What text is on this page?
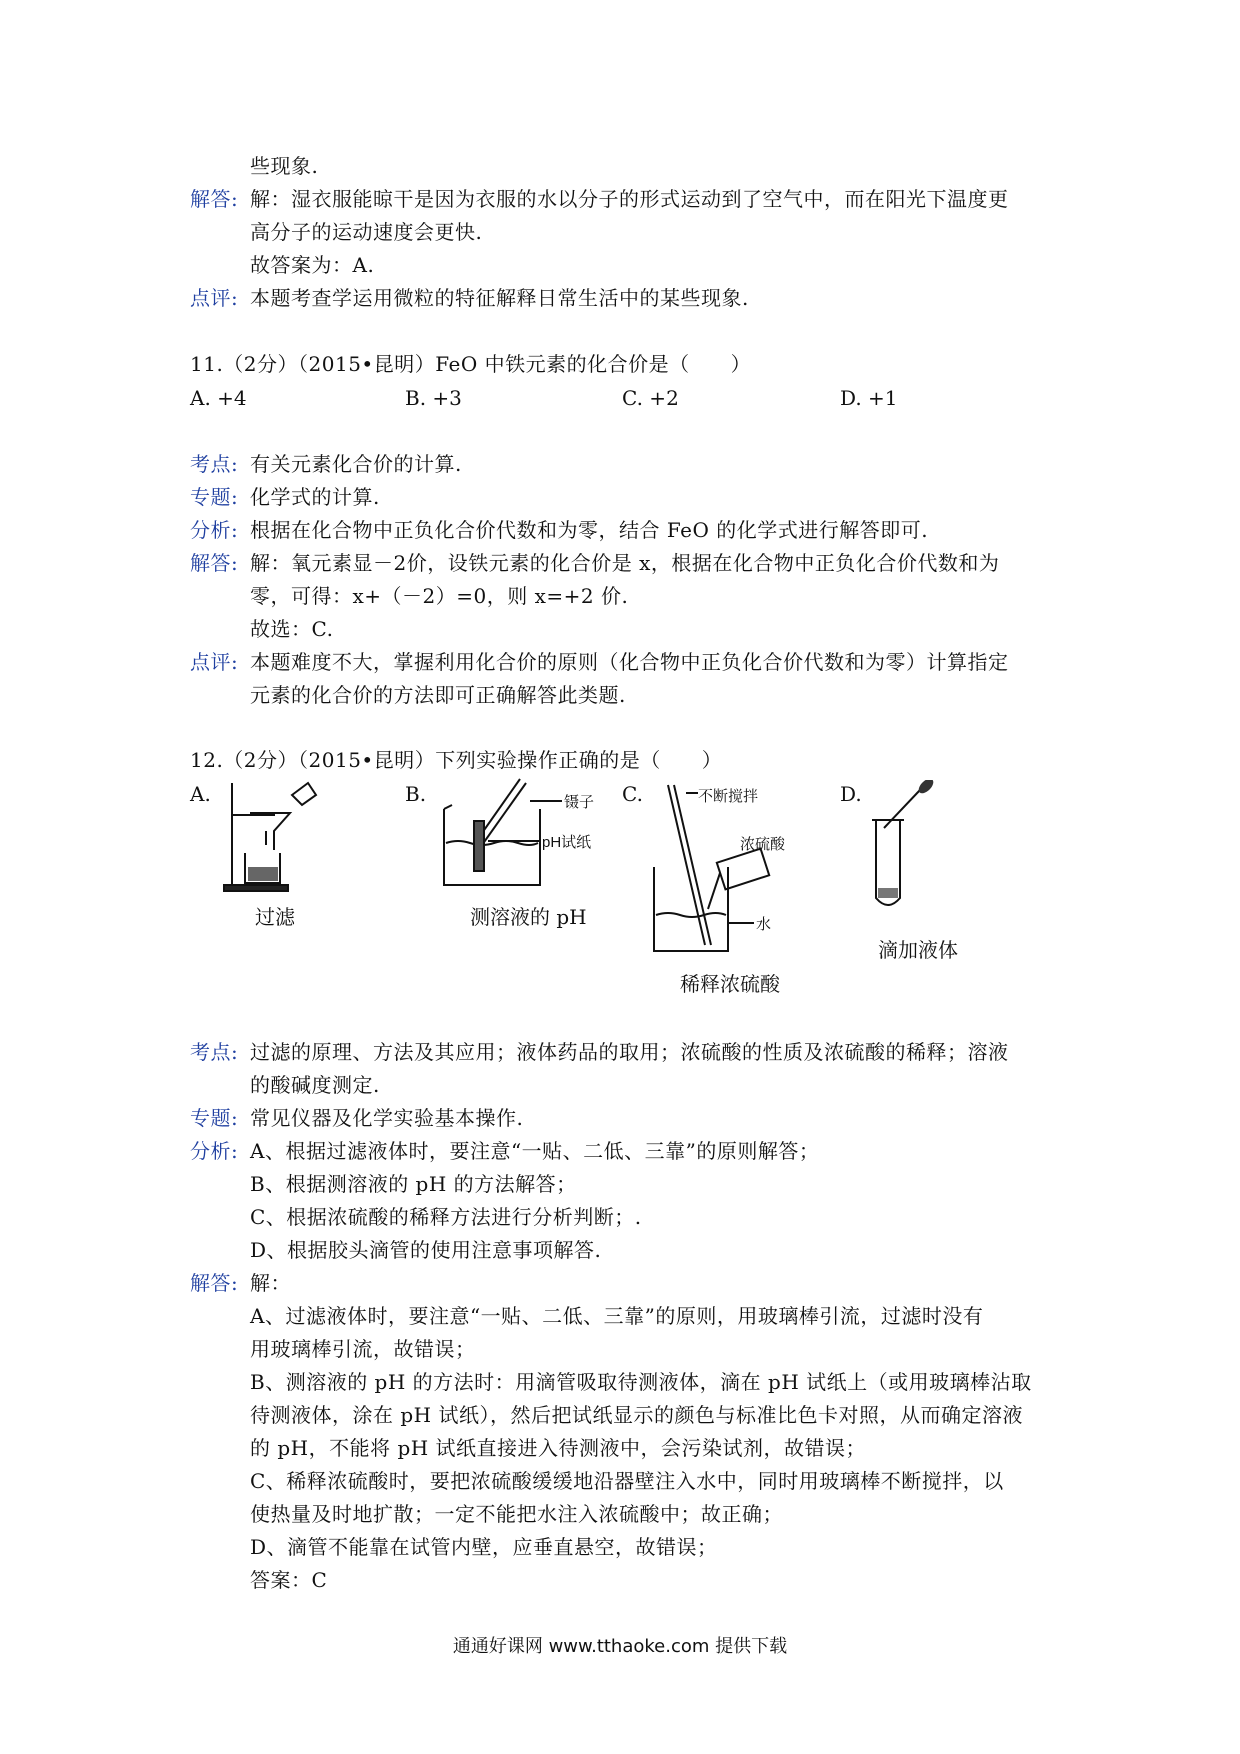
些现象.
解答: 解：湿衣服能晾干是因为衣服的水以分子的形式运动到了空气中，而在阳光下温度更
高分子的运动速度会更快.
故答案为：A.
点评: 本题考查学运用微粒的特征解释日常生活中的某些现象.
11.（2分）（2015•昆明）FeO 中铁元素的化合价是（　　）
A. +4	B. +3	C. +2	D. +1
考点: 有关元素化合价的计算.
专题: 化学式的计算.
分析: 根据在化合物中正负化合价代数和为零，结合 FeO 的化学式进行解答即可.
解答: 解：氧元素显－2价，设铁元素的化合价是 x，根据在化合物中正负化合价代数和为
零，可得：x+（－2）=0，则 x=+2 价.
故选：C.
点评: 本题难度不大，掌握利用化合价的原则（化合物中正负化合价代数和为零）计算指定
元素的化合价的方法即可正确解答此类题.
12.（2分）（2015•昆明）下列实验操作正确的是（　　）
A.	B.	C.	D.
过滤
镊子
pH试纸
测溶液的 pH
不断搅拌
浓硫酸
水
稀释浓硫酸
滴加液体
考点: 过滤的原理、方法及其应用；液体药品的取用；浓硫酸的性质及浓硫酸的稀释；溶液
的酸碱度测定.
专题: 常见仪器及化学实验基本操作.
分析: A、根据过滤液体时，要注意“一贴、二低、三靠”的原则解答；
B、根据测溶液的 pH 的方法解答；
C、根据浓硫酸的稀释方法进行分析判断；.
D、根据胶头滴管的使用注意事项解答.
解答: 解：
A、过滤液体时，要注意“一贴、二低、三靠”的原则，用玻璃棒引流，过滤时没有
用玻璃棒引流，故错误；
B、测溶液的 pH 的方法时：用滴管吸取待测液体，滴在 pH 试纸上（或用玻璃棒沾取
待测液体，涂在 pH 试纸），然后把试纸显示的颜色与标准比色卡对照，从而确定溶液
的 pH，不能将 pH 试纸直接进入待测液中，会污染试剂，故错误；
C、稀释浓硫酸时，要把浓硫酸缓缓地沿器壁注入水中，同时用玻璃棒不断搅拌，以
使热量及时地扩散；一定不能把水注入浓硫酸中；故正确；
D、滴管不能靠在试管内壁，应垂直悬空，故错误；
答案：C
通通好课网 www.tthaoke.com 提供下载
